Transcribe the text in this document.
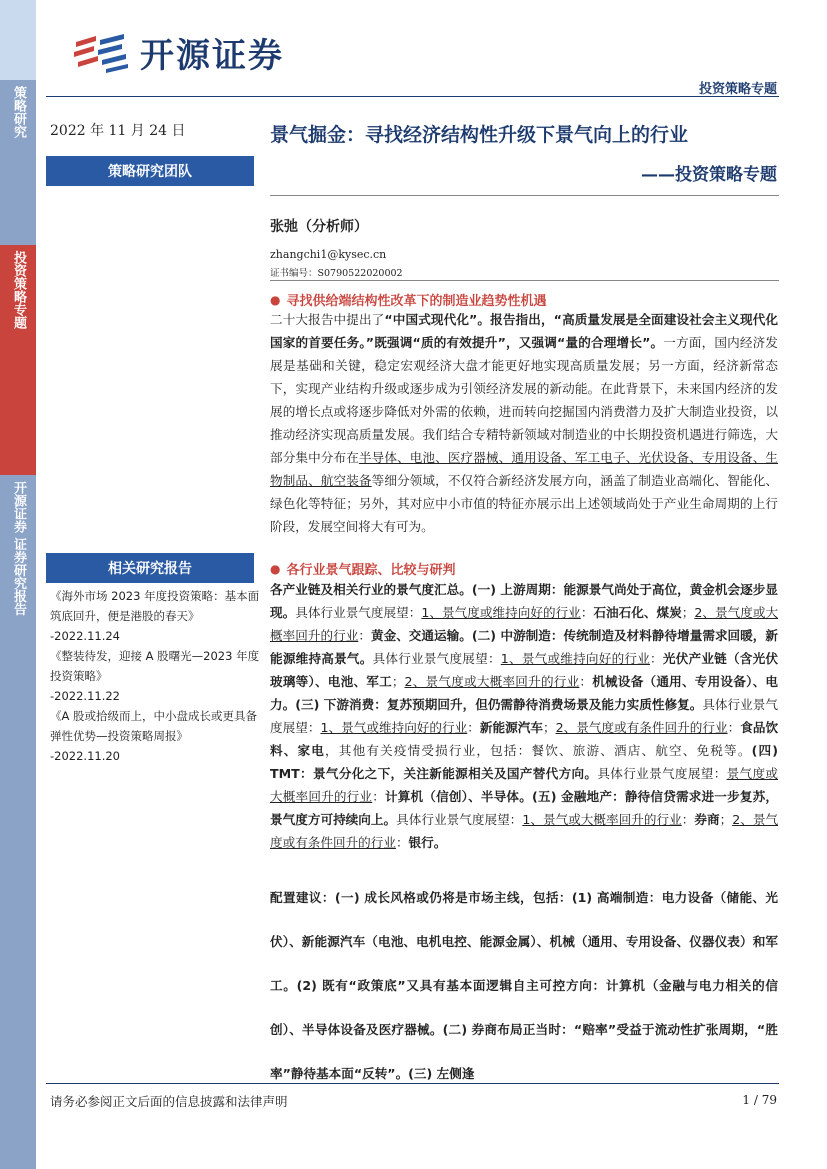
策略研究
投资策略专题
开源证券 证券研究报告
开源证券
投资策略专题
2022 年 11 月 24 日
策略研究团队
相关研究报告
《海外市场 2023 年度投资策略：基本面筑底回升，便是港股的春天》
-2022.11.24
《整装待发，迎接 A 股曙光—2023 年度投资策略》
-2022.11.22
《A 股或拾级而上，中小盘成长或更具备弹性优势—投资策略周报》
-2022.11.20
景气掘金：寻找经济结构性升级下景气向上的行业
——投资策略专题
张弛（分析师）
zhangchi1@kysec.cn
证书编号：S0790522020002
● 寻找供给端结构性改革下的制造业趋势性机遇
二十大报告中提出了“中国式现代化”。报告指出，“高质量发展是全面建设社会主义现代化国家的首要任务。”既强调“质的有效提升”，又强调“量的合理增长”。一方面，国内经济发展是基础和关键，稳定宏观经济大盘才能更好地实现高质量发展；另一方面，经济新常态下，实现产业结构升级或逐步成为引领经济发展的新动能。在此背景下，未来国内经济的发展的增长点或将逐步降低对外需的依赖，进而转向挖掘国内消费潜力及扩大制造业投资，以推动经济实现高质量发展。我们结合专精特新领域对制造业的中长期投资机遇进行筛选，大部分集中分布在半导体、电池、医疗器械、通用设备、军工电子、光伏设备、专用设备、生物制品、航空装备等细分领域，不仅符合新经济发展方向，涵盖了制造业高端化、智能化、绿色化等特征；另外，其对应中小市值的特征亦展示出上述领域尚处于产业生命周期的上行阶段，发展空间将大有可为。
● 各行业景气跟踪、比较与研判
各产业链及相关行业的景气度汇总。(一) 上游周期：能源景气尚处于高位，黄金机会逐步显现。具体行业景气度展望：1、景气度或维持向好的行业：石油石化、煤炭；2、景气度或大概率回升的行业：黄金、交通运输。(二) 中游制造：传统制造及材料静待增量需求回暖，新能源维持高景气。具体行业景气度展望：1、景气或维持向好的行业：光伏产业链（含光伏玻璃等）、电池、军工；2、景气度或大概率回升的行业：机械设备（通用、专用设备）、电力。(三) 下游消费：复苏预期回升，但仍需静待消费场景及能力实质性修复。具体行业景气度展望：1、景气或维持向好的行业：新能源汽车；2、景气度或有条件回升的行业：食品饮料、家电，其他有关疫情受损行业，包括：餐饮、旅游、酒店、航空、免税等。(四) TMT：景气分化之下，关注新能源相关及国产替代方向。具体行业景气度展望：景气度或大概率回升的行业：计算机（信创）、半导体。(五) 金融地产：静待信贷需求进一步复苏，景气度方可持续向上。具体行业景气度展望：1、景气或大概率回升的行业：券商；2、景气度或有条件回升的行业：银行。
配置建议：(一) 成长风格或仍将是市场主线，包括：(1) 高端制造：电力设备（储能、光伏）、新能源汽车（电池、电机电控、能源金属）、机械（通用、专用设备、仪器仪表）和军工。(2) 既有“政策底”又具有基本面逻辑自主可控方向：计算机（金融与电力相关的信创）、半导体设备及医疗器械。(二) 券商布局正当时：“赔率”受益于流动性扩张周期，“胜率”静待基本面“反转”。(三) 左侧逢
请务必参阅正文后面的信息披露和法律声明	1 / 79
